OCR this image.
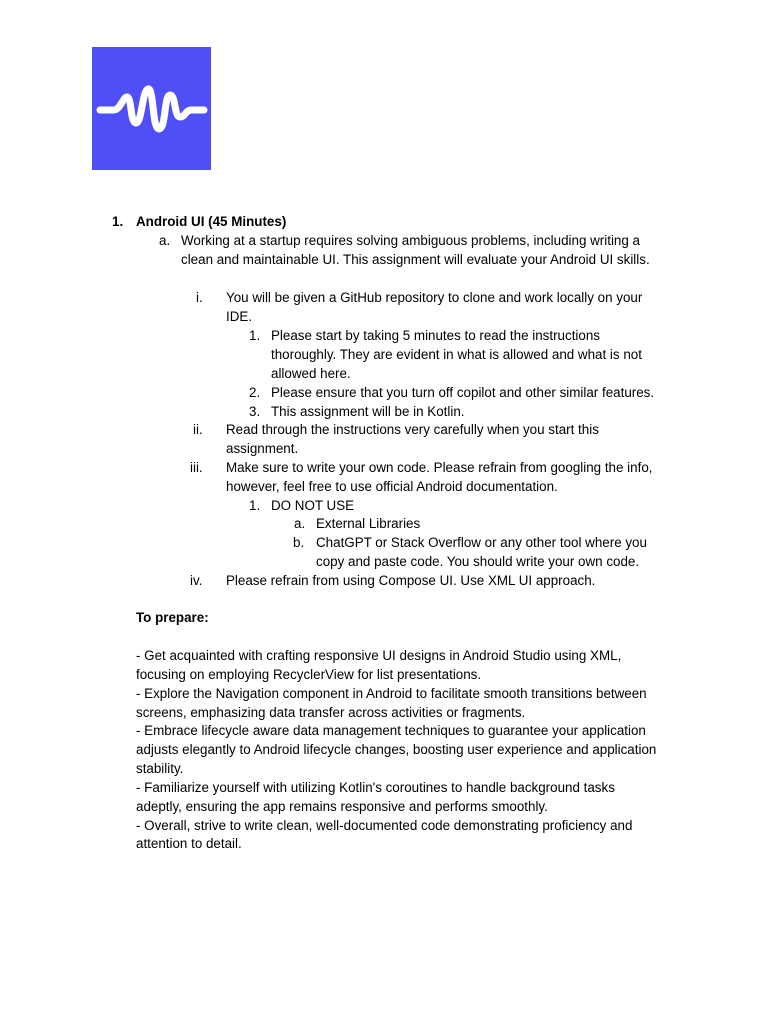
1. Android UI (45 Minutes)
a. Working at a startup requires solving ambiguous problems, including writing a
clean and maintainable UI. This assignment will evaluate your Android UI skills.
i. You will be given a GitHub repository to clone and work locally on your
IDE.
1. Please start by taking 5 minutes to read the instructions
thoroughly. They are evident in what is allowed and what is not
allowed here.
2. Please ensure that you turn off copilot and other similar features.
3. This assignment will be in Kotlin.
ii. Read through the instructions very carefully when you start this
assignment.
iii. Make sure to write your own code. Please refrain from googling the info,
however, feel free to use official Android documentation.
1. DO NOT USE
a. External Libraries
b. ChatGPT or Stack Overflow or any other tool where you
copy and paste code. You should write your own code.
iv. Please refrain from using Compose UI. Use XML UI approach.
To prepare:
- Get acquainted with crafting responsive UI designs in Android Studio using XML,
focusing on employing RecyclerView for list presentations.
- Explore the Navigation component in Android to facilitate smooth transitions between
screens, emphasizing data transfer across activities or fragments.
- Embrace lifecycle aware data management techniques to guarantee your application
adjusts elegantly to Android lifecycle changes, boosting user experience and application
stability.
- Familiarize yourself with utilizing Kotlin's coroutines to handle background tasks
adeptly, ensuring the app remains responsive and performs smoothly.
- Overall, strive to write clean, well-documented code demonstrating proficiency and
attention to detail.
